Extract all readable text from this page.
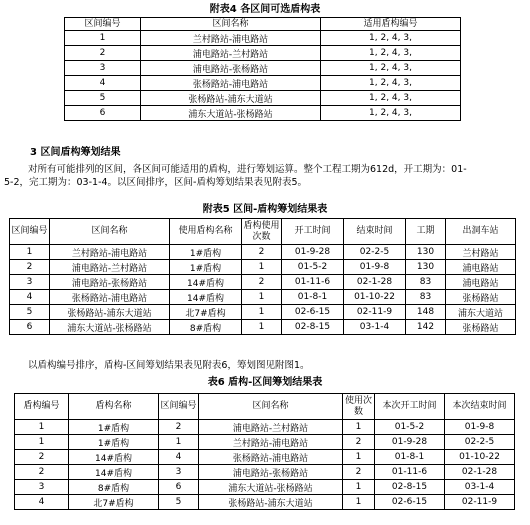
附表4 各区间可选盾构表
区间编号	区间名称	适用盾构编号
1	兰村路站-浦电路站	1, 2, 4, 3,
2	浦电路站-兰村路站	1, 2, 4, 3,
3	浦电路站-张杨路站	1, 2, 4, 3,
4	张杨路站-浦电路站	1, 2, 4, 3,
5	张杨路站-浦东大道站	1, 2, 4, 3,
6	浦东大道站-张杨路站	1, 2, 4, 3,
3 区间盾构筹划结果
对所有可能排列的区间，各区间可能适用的盾构，进行筹划运算。整个工程工期为612d，开工期为：01-
5-2，完工期为：03-1-4。以区间排序，区间-盾构筹划结果表见附表5。
附表5 区间-盾构筹划结果表
区间编号	区间名称	使用盾构名称	盾构使用次数	开工时间	结束时间	工期	出洞车站
1	兰村路站-浦电路站	1#盾构	2	01-9-28	02-2-5	130	兰村路站
2	浦电路站-兰村路站	1#盾构	1	01-5-2	01-9-8	130	浦电路站
3	浦电路站-张杨路站	14#盾构	2	01-11-6	02-1-28	83	浦电路站
4	张杨路站-浦电路站	14#盾构	1	01-8-1	01-10-22	83	张杨路站
5	张杨路站-浦东大道站	北7#盾构	1	02-6-15	02-11-9	148	浦东大道站
6	浦东大道站-张杨路站	8#盾构	1	02-8-15	03-1-4	142	张杨路站
以盾构编号排序，盾构-区间筹划结果表见附表6，筹划图见附图1。
表6 盾构-区间筹划结果表
盾构编号	盾构名称	区间编号	区间名称	使用次数	本次开工时间	本次结束时间
1	1#盾构	2	浦电路站-兰村路站	1	01-5-2	01-9-8
1	1#盾构	1	兰村路站-浦电路站	2	01-9-28	02-2-5
2	14#盾构	4	张杨路站-浦电路站	1	01-8-1	01-10-22
2	14#盾构	3	浦电路站-张杨路站	2	01-11-6	02-1-28
3	8#盾构	6	浦东大道站-张杨路站	1	02-8-15	03-1-4
4	北7#盾构	5	张杨路站-浦东大道站	1	02-6-15	02-11-9
